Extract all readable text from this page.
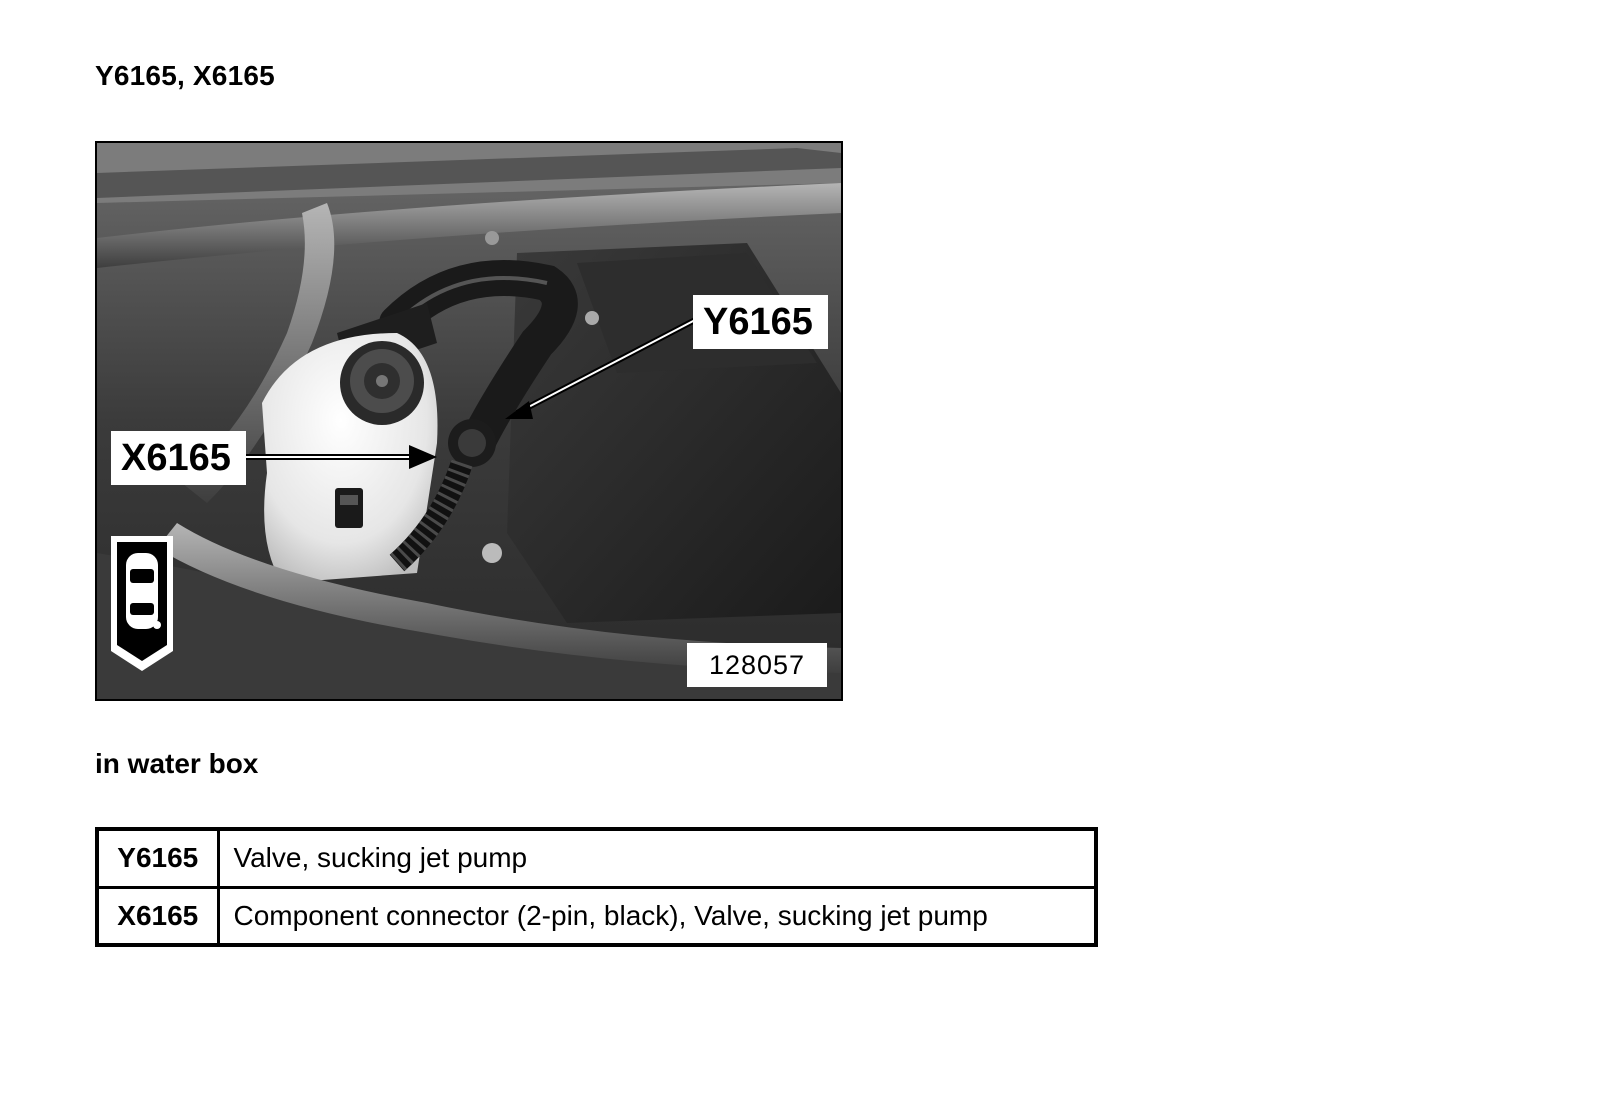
Y6165, X6165
Y6165
X6165
128057
in water box
Y6165	Valve, sucking jet pump
X6165	Component connector (2-pin, black), Valve, sucking jet pump
